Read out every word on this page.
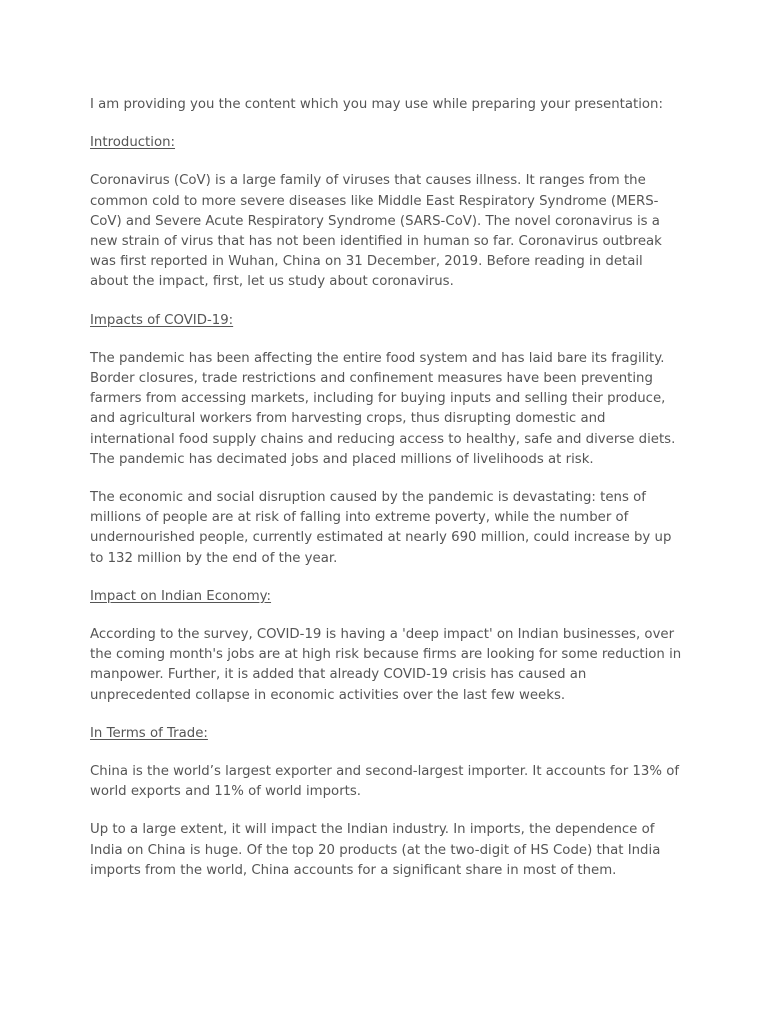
I am providing you the content which you may use while preparing your presentation:

Introduction:

Coronavirus (CoV) is a large family of viruses that causes illness. It ranges from the common cold to more severe diseases like Middle East Respiratory Syndrome (MERS-CoV) and Severe Acute Respiratory Syndrome (SARS-CoV). The novel coronavirus is a new strain of virus that has not been identified in human so far. Coronavirus outbreak was first reported in Wuhan, China on 31 December, 2019. Before reading in detail about the impact, first, let us study about coronavirus.

Impacts of COVID-19:

The pandemic has been affecting the entire food system and has laid bare its fragility. Border closures, trade restrictions and confinement measures have been preventing farmers from accessing markets, including for buying inputs and selling their produce, and agricultural workers from harvesting crops, thus disrupting domestic and international food supply chains and reducing access to healthy, safe and diverse diets. The pandemic has decimated jobs and placed millions of livelihoods at risk.

The economic and social disruption caused by the pandemic is devastating: tens of millions of people are at risk of falling into extreme poverty, while the number of undernourished people, currently estimated at nearly 690 million, could increase by up to 132 million by the end of the year.

Impact on Indian Economy:

According to the survey, COVID-19 is having a 'deep impact' on Indian businesses, over the coming month's jobs are at high risk because firms are looking for some reduction in manpower. Further, it is added that already COVID-19 crisis has caused an unprecedented collapse in economic activities over the last few weeks.

In Terms of Trade:

China is the world’s largest exporter and second-largest importer. It accounts for 13% of world exports and 11% of world imports.

Up to a large extent, it will impact the Indian industry. In imports, the dependence of India on China is huge. Of the top 20 products (at the two-digit of HS Code) that India imports from the world, China accounts for a significant share in most of them.
